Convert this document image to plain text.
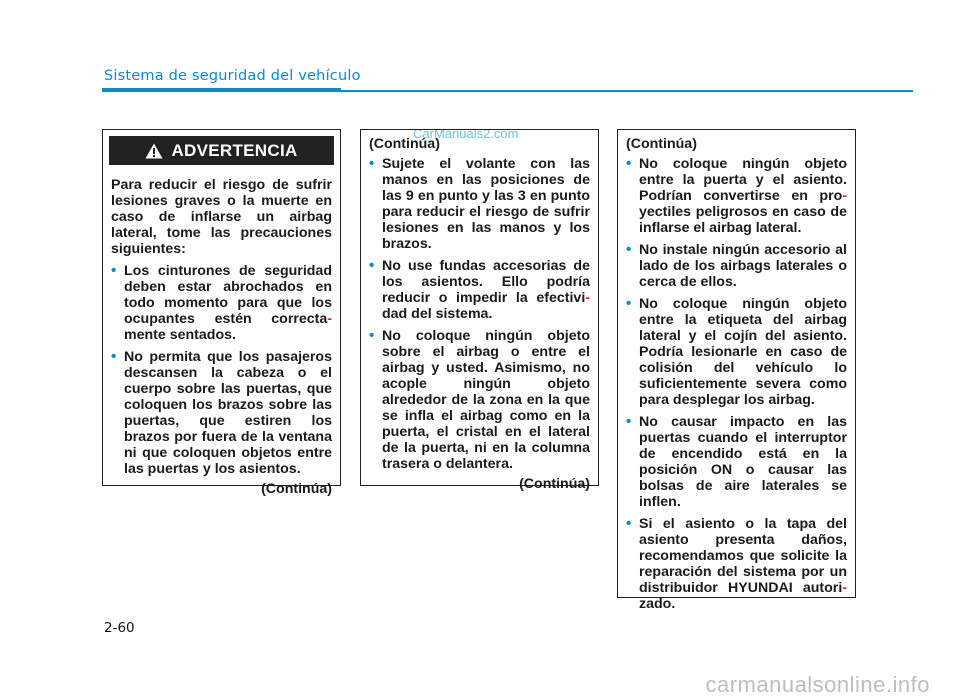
Sistema de seguridad del vehículo
ADVERTENCIA

Para reducir el riesgo de sufrir lesiones graves o la muerte en caso de inflarse un airbag lateral, tome las precauciones siguientes:

• Los cinturones de seguridad deben estar abrochados en todo momento para que los ocupantes estén correcta- mente sentados.
• No permita que los pasajeros descansen la cabeza o el cuerpo sobre las puertas, que coloquen los brazos sobre las puertas, que estiren los brazos por fuera de la ventana ni que coloquen objetos entre las puertas y los asientos.
(Continúa)
CarManuals2.com
(Continúa)
• Sujete el volante con las manos en las posiciones de las 9 en punto y las 3 en punto para reducir el riesgo de sufrir lesiones en las manos y los brazos.
• No use fundas accesorias de los asientos. Ello podría reducir o impedir la efectivi- dad del sistema.
• No coloque ningún objeto sobre el airbag o entre el airbag y usted. Asimismo, no acople ningún objeto alrededor de la zona en la que se infla el airbag como en la puerta, el cristal en el lateral de la puerta, ni en la columna trasera o delantera.
(Continúa)
(Continúa)
• No coloque ningún objeto entre la puerta y el asiento. Podrían convertirse en pro- yectiles peligrosos en caso de inflarse el airbag lateral.
• No instale ningún accesorio al lado de los airbags laterales o cerca de ellos.
• No coloque ningún objeto entre la etiqueta del airbag lateral y el cojín del asiento. Podría lesionarle en caso de colisión del vehículo lo suficientemente severa como para desplegar los airbag.
• No causar impacto en las puertas cuando el interruptor de encendido está en la posición ON o causar las bolsas de aire laterales se inflen.
• Si el asiento o la tapa del asiento presenta daños, recomendamos que solicite la reparación del sistema por un distribuidor HYUNDAI autori- zado.
2-60
carmanualsonline.info
